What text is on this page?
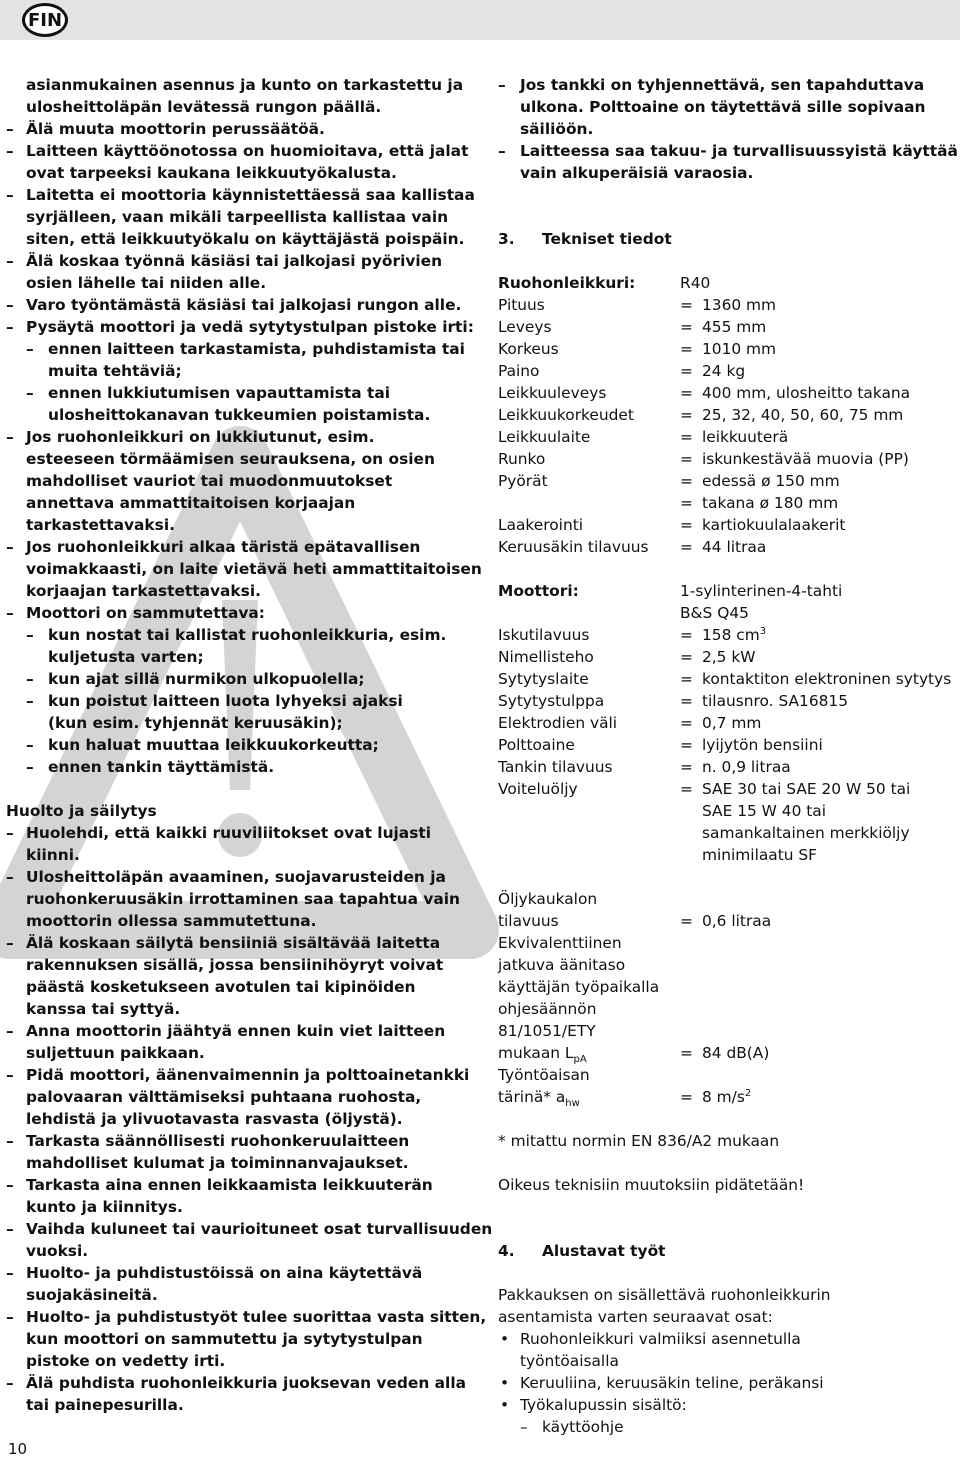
FIN
asianmukainen asennus ja kunto on tarkastettu ja
ulosheittoläpän levätessä rungon päällä.
– Älä muuta moottorin perussäätöä.
– Laitteen käyttöönotossa on huomioitava, että jalat
ovat tarpeeksi kaukana leikkuutyökalusta.
– Laitetta ei moottoria käynnistettäessä saa kallistaa
syrjälleen, vaan mikäli tarpeellista kallistaa vain
siten, että leikkuutyökalu on käyttäjästä poispäin.
– Älä koskaa työnnä käsiäsi tai jalkojasi pyörivien
osien lähelle tai niiden alle.
– Varo työntämästä käsiäsi tai jalkojasi rungon alle.
– Pysäytä moottori ja vedä sytytystulpan pistoke irti:
– ennen laitteen tarkastamista, puhdistamista tai
muita tehtäviä;
– ennen lukkiutumisen vapauttamista tai
ulosheittokanavan tukkeumien poistamista.
– Jos ruohonleikkuri on lukkiutunut, esim.
esteeseen törmäämisen seurauksena, on osien
mahdolliset vauriot tai muodonmuutokset
annettava ammattitaitoisen korjaajan
tarkastettavaksi.
– Jos ruohonleikkuri alkaa täristä epätavallisen
voimakkaasti, on laite vietävä heti ammattitaitoisen
korjaajan tarkastettavaksi.
– Moottori on sammutettava:
– kun nostat tai kallistat ruohonleikkuria, esim.
kuljetusta varten;
– kun ajat sillä nurmikon ulkopuolella;
– kun poistut laitteen luota lyhyeksi ajaksi
(kun esim. tyhjennät keruusäkin);
– kun haluat muuttaa leikkuukorkeutta;
– ennen tankin täyttämistä.
Huolto ja säilytys
– Huolehdi, että kaikki ruuviliitokset ovat lujasti
kiinni.
– Ulosheittoläpän avaaminen, suojavarusteiden ja
ruohonkeruusäkin irrottaminen saa tapahtua vain
moottorin ollessa sammutettuna.
– Älä koskaan säilytä bensiiniä sisältävää laitetta
rakennuksen sisällä, jossa bensiinihöyryt voivat
päästä kosketukseen avotulen tai kipinöiden
kanssa tai syttyä.
– Anna moottorin jäähtyä ennen kuin viet laitteen
suljettuun paikkaan.
– Pidä moottori, äänenvaimennin ja polttoainetankki
palovaaran välttämiseksi puhtaana ruohosta,
lehdistä ja ylivuotavasta rasvasta (öljystä).
– Tarkasta säännöllisesti ruohonkeruulaitteen
mahdolliset kulumat ja toiminnanvajaukset.
– Tarkasta aina ennen leikkaamista leikkuuterän
kunto ja kiinnitys.
– Vaihda kuluneet tai vaurioituneet osat turvallisuuden
vuoksi.
– Huolto- ja puhdistustöissä on aina käytettävä
suojakäsineitä.
– Huolto- ja puhdistustyöt tulee suorittaa vasta sitten,
kun moottori on sammutettu ja sytytystulpan
pistoke on vedetty irti.
– Älä puhdista ruohonleikkuria juoksevan veden alla
tai painepesurilla.
– Jos tankki on tyhjennettävä, sen tapahduttava
ulkona. Polttoaine on täytettävä sille sopivaan
säiliöön.
– Laitteessa saa takuu- ja turvallisuussyistä käyttää
vain alkuperäisiä varaosia.
3. Tekniset tiedot
Ruohonleikkuri:	R40
Pituus	= 1360 mm
Leveys	= 455 mm
Korkeus	= 1010 mm
Paino	= 24 kg
Leikkuuleveys	= 400 mm, ulosheitto takana
Leikkuukorkeudet	= 25, 32, 40, 50, 60, 75 mm
Leikkuulaite	= leikkuuterä
Runko	= iskunkestävää muovia (PP)
Pyörät	= edessä ø 150 mm
= takana ø 180 mm
Laakerointi	= kartiokuulalaakerit
Keruusäkin tilavuus = 44 litraa
Moottori:	1-sylinterinen-4-tahti
B&S Q45
Iskutilavuus	= 158 $cm^3$
Nimellisteho	= 2,5 kW
Sytytyslaite	= kontaktiton elektroninen sytytys
Sytytystulppa	= tilausnro. SA16815
Elektrodien väli	= 0,7 mm
Polttoaine	= lyijytön bensiini
Tankin tilavuus	= n. 0,9 litraa
Voiteluöljy	= SAE 30 tai SAE 20 W 50 tai
SAE 15 W 40 tai
samankaltainen merkkiöljy
minimilaatu SF
Öljykaukalon
tilavuus	= 0,6 litraa
Ekvivalenttiinen
jatkuva äänitaso
käyttäjän työpaikalla
ohjesäännön
81/1051/ETY
mukaan $L_{pA}$	= 84 dB(A)
Työntöaisan
tärinä* $a_{hw}$	= 8 $m/s^2$
* mitattu normin EN 836/A2 mukaan
Oikeus teknisiin muutoksiin pidätetään!
4. Alustavat työt
Pakkauksen on sisällettävä ruohonleikkurin
asentamista varten seuraavat osat:
• Ruohonleikkuri valmiiksi asennetulla
työntöaisalla
• Keruuliina, keruusäkin teline, peräkansi
• Työkalupussin sisältö:
– käyttöohje
10
